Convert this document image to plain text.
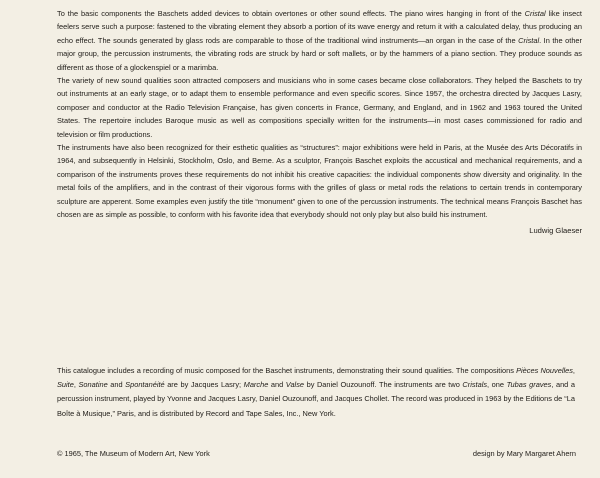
To the basic components the Baschets added devices to obtain overtones or other sound effects. The piano wires hanging in front of the Cristal like insect feelers serve such a purpose: fastened to the vibrating element they absorb a portion of its wave energy and return it with a calculated delay, thus producing an echo effect. The sounds generated by glass rods are comparable to those of the traditional wind instruments—an organ in the case of the Cristal. In the other major group, the percussion instruments, the vibrating rods are struck by hard or soft mallets, or by the hammers of a piano section. They produce sounds as different as those of a glockenspiel or a marimba.

The variety of new sound qualities soon attracted composers and musicians who in some cases became close collaborators. They helped the Baschets to try out instruments at an early stage, or to adapt them to ensemble performance and even specific scores. Since 1957, the orchestra directed by Jacques Lasry, composer and conductor at the Radio Television Française, has given concerts in France, Germany, and England, and in 1962 and 1963 toured the United States. The repertoire includes Baroque music as well as compositions specially written for the instruments—in most cases commissioned for radio and television or film productions.

The instruments have also been recognized for their esthetic qualities as “structures”: major exhibitions were held in Paris, at the Musée des Arts Décoratifs in 1964, and subsequently in Helsinki, Stockholm, Oslo, and Berne. As a sculptor, François Baschet exploits the accustical and mechanical requirements, and a comparison of the instruments proves these requirements do not inhibit his creative capacities: the individual components show diversity and originality. In the metal foils of the amplifiers, and in the contrast of their vigorous forms with the grilles of glass or metal rods the relations to certain trends in contemporary sculpture are apperent. Some examples even justify the title “monument” given to one of the percussion instruments. The technical means François Baschet has chosen are as simple as possible, to conform with his favorite idea that everybody should not only play but also build his instrument.

Ludwig Glaeser

This catalogue includes a recording of music composed for the Baschet instruments, demonstrating their sound qualities. The compositions Pièces Nouvelles, Suite, Sonatine and Spontanéité are by Jacques Lasry; Marche and Valse by Daniel Ouzounoff. The instruments are two Cristals, one Tubas graves, and a percussion instrument, played by Yvonne and Jacques Lasry, Daniel Ouzounoff, and Jacques Chollet. The record was produced in 1963 by the Editions de “La Boîte à Musique,” Paris, and is distributed by Record and Tape Sales, Inc., New York.

© 1965, The Museum of Modern Art, New York	design by Mary Margaret Ahern
